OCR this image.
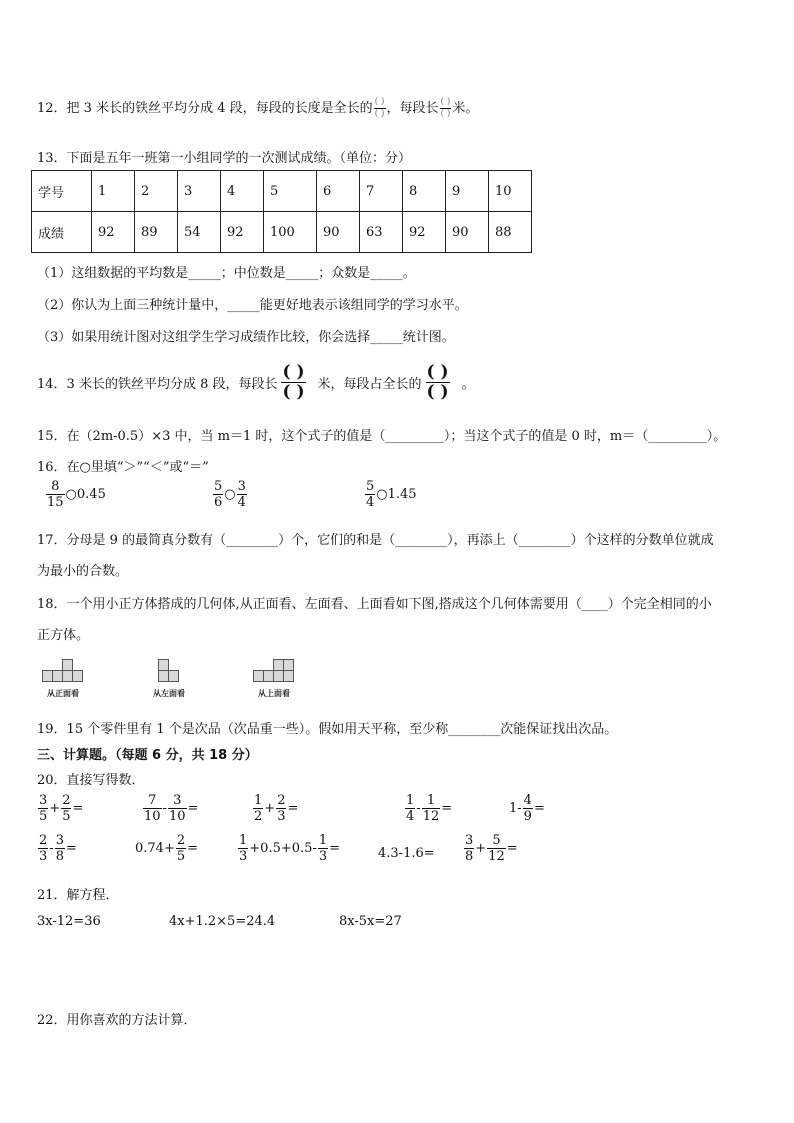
12．把 3 米长的铁丝平均分成 4 段，每段的长度是全长的 $\frac{( )}{( )}$ ，每段长 $\frac{( )}{( )}$ 米。
13．下面是五年一班第一小组同学的一次测试成绩。（单位：分）
学号	1	2	3	4	5	6	7	8	9	10
成绩	92	89	54	92	100	90	63	92	90	88
（1）这组数据的平均数是_____；中位数是_____；众数是_____。
（2）你认为上面三种统计量中，_____能更好地表示该组同学的学习水平。
（3）如果用统计图对这组学生学习成绩作比较，你会选择_____统计图。
14．3 米长的铁丝平均分成 8 段，每段长 $\frac{( )}{( )}$ 米，每段占全长的 $\frac{( )}{( )}$ 。
15．在（2m-0.5）×3 中，当 m＝1 时，这个式子的值是（_________）；当这个式子的值是 0 时，m＝（_________）。
16．在○里填“＞”“＜”或“＝”
$\frac{8}{15}$ ○0.45	$\frac{5}{6}$ ○ $\frac{3}{4}$	$\frac{5}{4}$ ○1.45
17．分母是 9 的最简真分数有（________）个，它们的和是（________），再添上（________）个这样的分数单位就成
为最小的合数。
18．一个用小正方体搭成的几何体,从正面看、左面看、上面看如下图,搭成这个几何体需要用（____）个完全相同的小
正方体。
从正面看	从左面看	从上面看
19．15 个零件里有 1 个是次品（次品重一些）。假如用天平称，至少称________次能保证找出次品。
三、计算题。（每题 6 分，共 18 分）
20．直接写得数．
$\frac{3}{5} + \frac{2}{5}$ =	$\frac{7}{10} - \frac{3}{10}$ =	$\frac{1}{2} + \frac{2}{3}$ =	$\frac{1}{4} - \frac{1}{12}$ =	$1- \frac{4}{9}$ =
$\frac{2}{3} - \frac{3}{8}$ =	$0.74+ \frac{2}{5}$ =	$\frac{1}{3} +0.5+0.5- \frac{1}{3}$ =	$4.3-1.6= \frac{3}{8} + \frac{5}{12}$ =
21．解方程．
3x-12=36	4x+1.2×5=24.4	8x-5x=27
22．用你喜欢的方法计算．
